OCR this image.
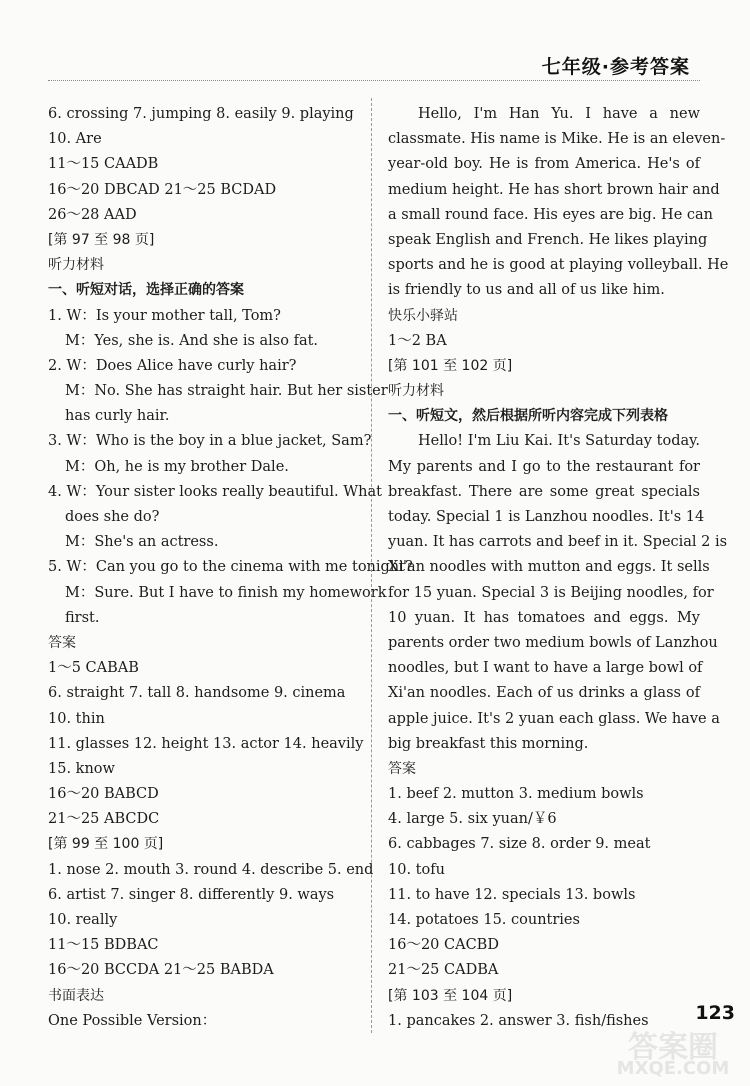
七年级·参考答案
6. crossing 7. jumping 8. easily 9. playing
10. Are
11～15 CAADB
16～20 DBCAD 21～25 BCDAD
26～28 AAD
[第 97 至 98 页]
听力材料
一、听短对话，选择正确的答案
1. W：Is your mother tall, Tom?
M：Yes, she is. And she is also fat.
2. W：Does Alice have curly hair?
M：No. She has straight hair. But her sister
has curly hair.
3. W：Who is the boy in a blue jacket, Sam?
M：Oh, he is my brother Dale.
4. W：Your sister looks really beautiful. What
does she do?
M：She's an actress.
5. W：Can you go to the cinema with me tonight?
M：Sure. But I have to finish my homework
first.
答案
1～5 CABAB
6. straight 7. tall 8. handsome 9. cinema
10. thin
11. glasses 12. height 13. actor 14. heavily
15. know
16～20 BABCD
21～25 ABCDC
[第 99 至 100 页]
1. nose 2. mouth 3. round 4. describe 5. end
6. artist 7. singer 8. differently 9. ways
10. really
11～15 BDBAC
16～20 BCCDA 21～25 BABDA
书面表达
One Possible Version：
Hello, I'm Han Yu. I have a new
classmate. His name is Mike. He is an eleven-
year-old boy. He is from America. He's of
medium height. He has short brown hair and
a small round face. His eyes are big. He can
speak English and French. He likes playing
sports and he is good at playing volleyball. He
is friendly to us and all of us like him.
快乐小驿站
1～2 BA
[第 101 至 102 页]
听力材料
一、听短文，然后根据所听内容完成下列表格
Hello! I'm Liu Kai. It's Saturday today.
My parents and I go to the restaurant for
breakfast. There are some great specials
today. Special 1 is Lanzhou noodles. It's 14
yuan. It has carrots and beef in it. Special 2 is
Xi'an noodles with mutton and eggs. It sells
for 15 yuan. Special 3 is Beijing noodles, for
10 yuan. It has tomatoes and eggs. My
parents order two medium bowls of Lanzhou
noodles, but I want to have a large bowl of
Xi'an noodles. Each of us drinks a glass of
apple juice. It's 2 yuan each glass. We have a
big breakfast this morning.
答案
1. beef 2. mutton 3. medium bowls
4. large 5. six yuan/￥6
6. cabbages 7. size 8. order 9. meat
10. tofu
11. to have 12. specials 13. bowls
14. potatoes 15. countries
16～20 CACBD
21～25 CADBA
[第 103 至 104 页]
1. pancakes 2. answer 3. fish/fishes	123
答案圈
MXQE.COM
